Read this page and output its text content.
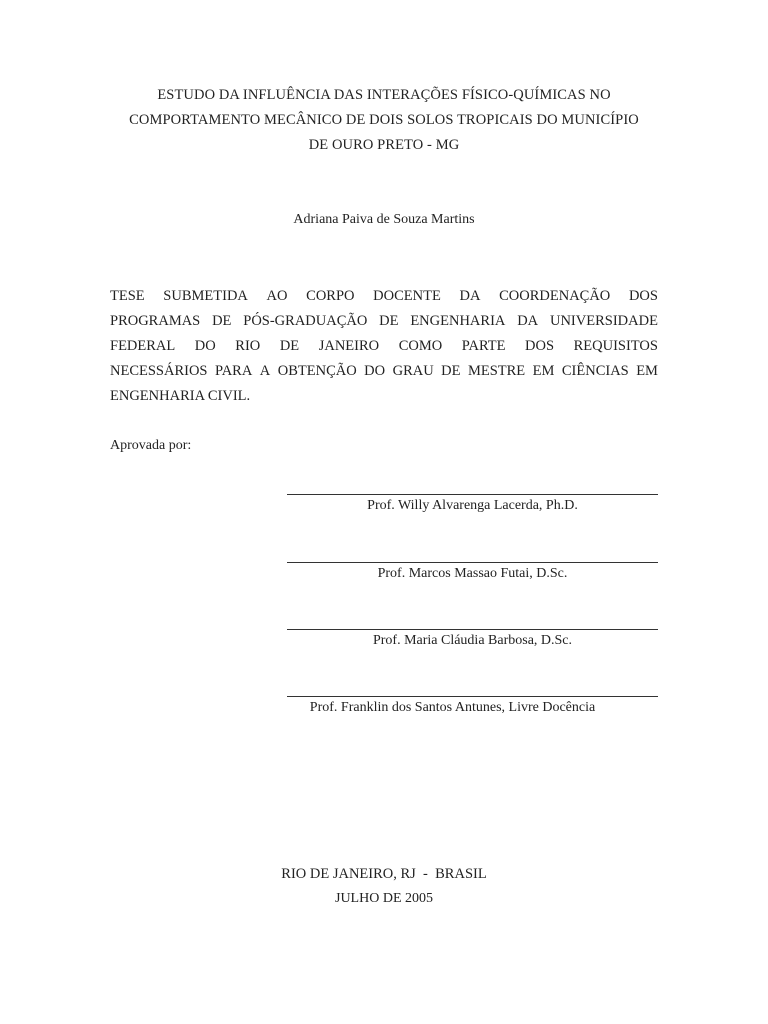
ESTUDO DA INFLUÊNCIA DAS INTERAÇÕES FÍSICO-QUÍMICAS NO
COMPORTAMENTO MECÂNICO DE DOIS SOLOS TROPICAIS DO MUNICÍPIO
DE OURO PRETO - MG
Adriana Paiva de Souza Martins
TESE SUBMETIDA AO CORPO DOCENTE DA COORDENAÇÃO DOS
PROGRAMAS DE PÓS-GRADUAÇÃO DE ENGENHARIA DA UNIVERSIDADE
FEDERAL DO RIO DE JANEIRO COMO PARTE DOS REQUISITOS
NECESSÁRIOS PARA A OBTENÇÃO DO GRAU DE MESTRE EM CIÊNCIAS EM
ENGENHARIA CIVIL.
Aprovada por:
Prof. Willy Alvarenga Lacerda, Ph.D.
Prof. Marcos Massao Futai, D.Sc.
Prof. Maria Cláudia Barbosa, D.Sc.
Prof. Franklin dos Santos Antunes, Livre Docência
RIO DE JANEIRO, RJ  -  BRASIL
JULHO DE 2005
